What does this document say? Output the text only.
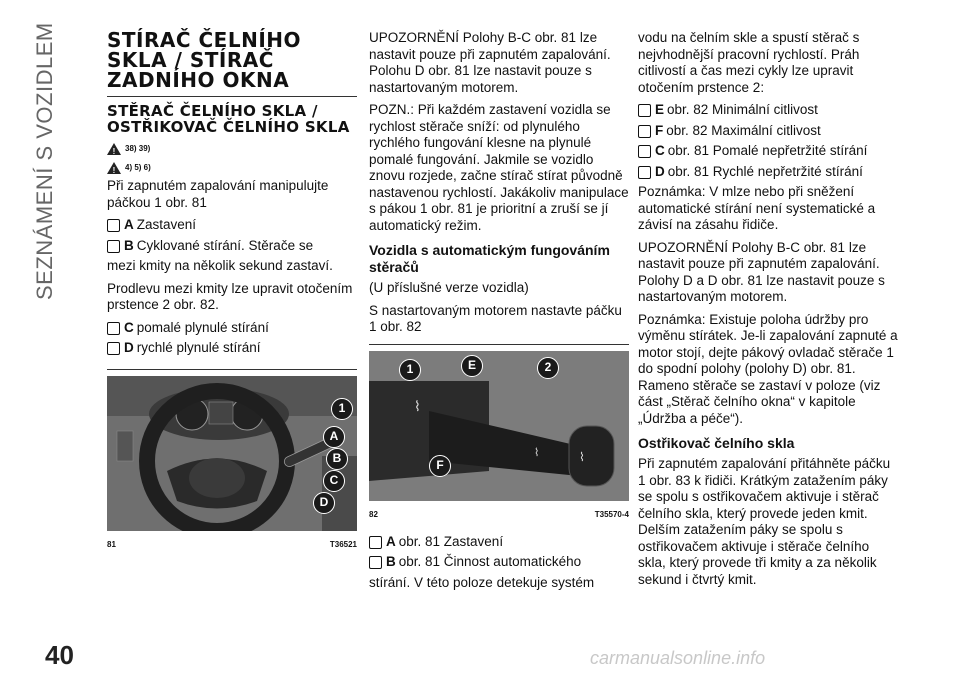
SEZNÁMENÍ S VOZIDLEM	STÍRAČ ČELNÍHO SKLA / STÍRAČ ZADNÍHO OKNA
STĚRAČ ČELNÍHO SKLA / OSTŘIKOVAČ ČELNÍHO SKLA
! 38) 39)
! 4) 5) 6)

Při zapnutém zapalování manipulujte páčkou 1 obr. 81

A Zastavení
B Cyklované stírání. Stěrače se

mezi kmity na několik sekund zastaví.

Prodlevu mezi kmity lze upravit otočením prstence 2 obr. 82.

C pomalé plynulé stírání
D rychlé plynulé stírání
1
A
B
C
D
81	T36521

UPOZORNĚNÍ Polohy B-C obr. 81 lze nastavit pouze při zapnutém zapalování. Polohu D obr. 81 lze nastavit pouze s nastartovaným motorem.

POZN.: Při každém zastavení vozidla se rychlost stěrače sníží: od plynulého rychlého fungování klesne na plynulé pomalé fungování. Jakmile se vozidlo znovu rozjede, začne stírač stírat původně nastavenou rychlostí. Jakákoliv manipulace s pákou 1 obr. 81 je prioritní a zruší se jí automatický režim.

Vozidla s automatickým fungováním stěračů

(U příslušné verze vozidla)

S nastartovaným motorem nastavte páčku 1 obr. 82

⌇
⌇
⌇
1	E	2
F
82	T35570-4
A obr. 81 Zastavení
B obr. 81 Činnost automatického

stírání. V této poloze detekuje systém

vodu na čelním skle a spustí stěrač s nejvhodnější pracovní rychlostí. Práh citlivostí a čas mezi cykly lze upravit otočením prstence 2:

E obr. 82 Minimální citlivost
F obr. 82 Maximální citlivost
C obr. 81 Pomalé nepřetržité stírání
D obr. 81 Rychlé nepřetržité stírání

Poznámka: V mlze nebo při sněžení automatické stírání není systematické a závisí na zásahu řidiče.

UPOZORNĚNÍ Polohy B-C obr. 81 lze nastavit pouze při zapnutém zapalování. Polohy D a D obr. 81 lze nastavit pouze s nastartovaným motorem.

Poznámka: Existuje poloha údržby pro výměnu stírátek. Je-li zapalování zapnuté a motor stojí, dejte pákový ovladač stěrače 1 do spodní polohy (polohy D) obr. 81. Rameno stěrače se zastaví v poloze (viz část „Stěrač čelního okna“ v kapitole „Údržba a péče“).

Ostřikovač čelního skla

Při zapnutém zapalování přitáhněte páčku 1 obr. 83 k řidiči. Krátkým zatažením páky se spolu s ostřikovačem aktivuje i stěrač čelního skla, který provede jeden kmit. Delším zatažením páky se spolu s ostřikovačem aktivuje i stěrače čelního skla, který provede tři kmity a za několik sekund i čtvrtý kmit.

40	carmanualsonline.info
